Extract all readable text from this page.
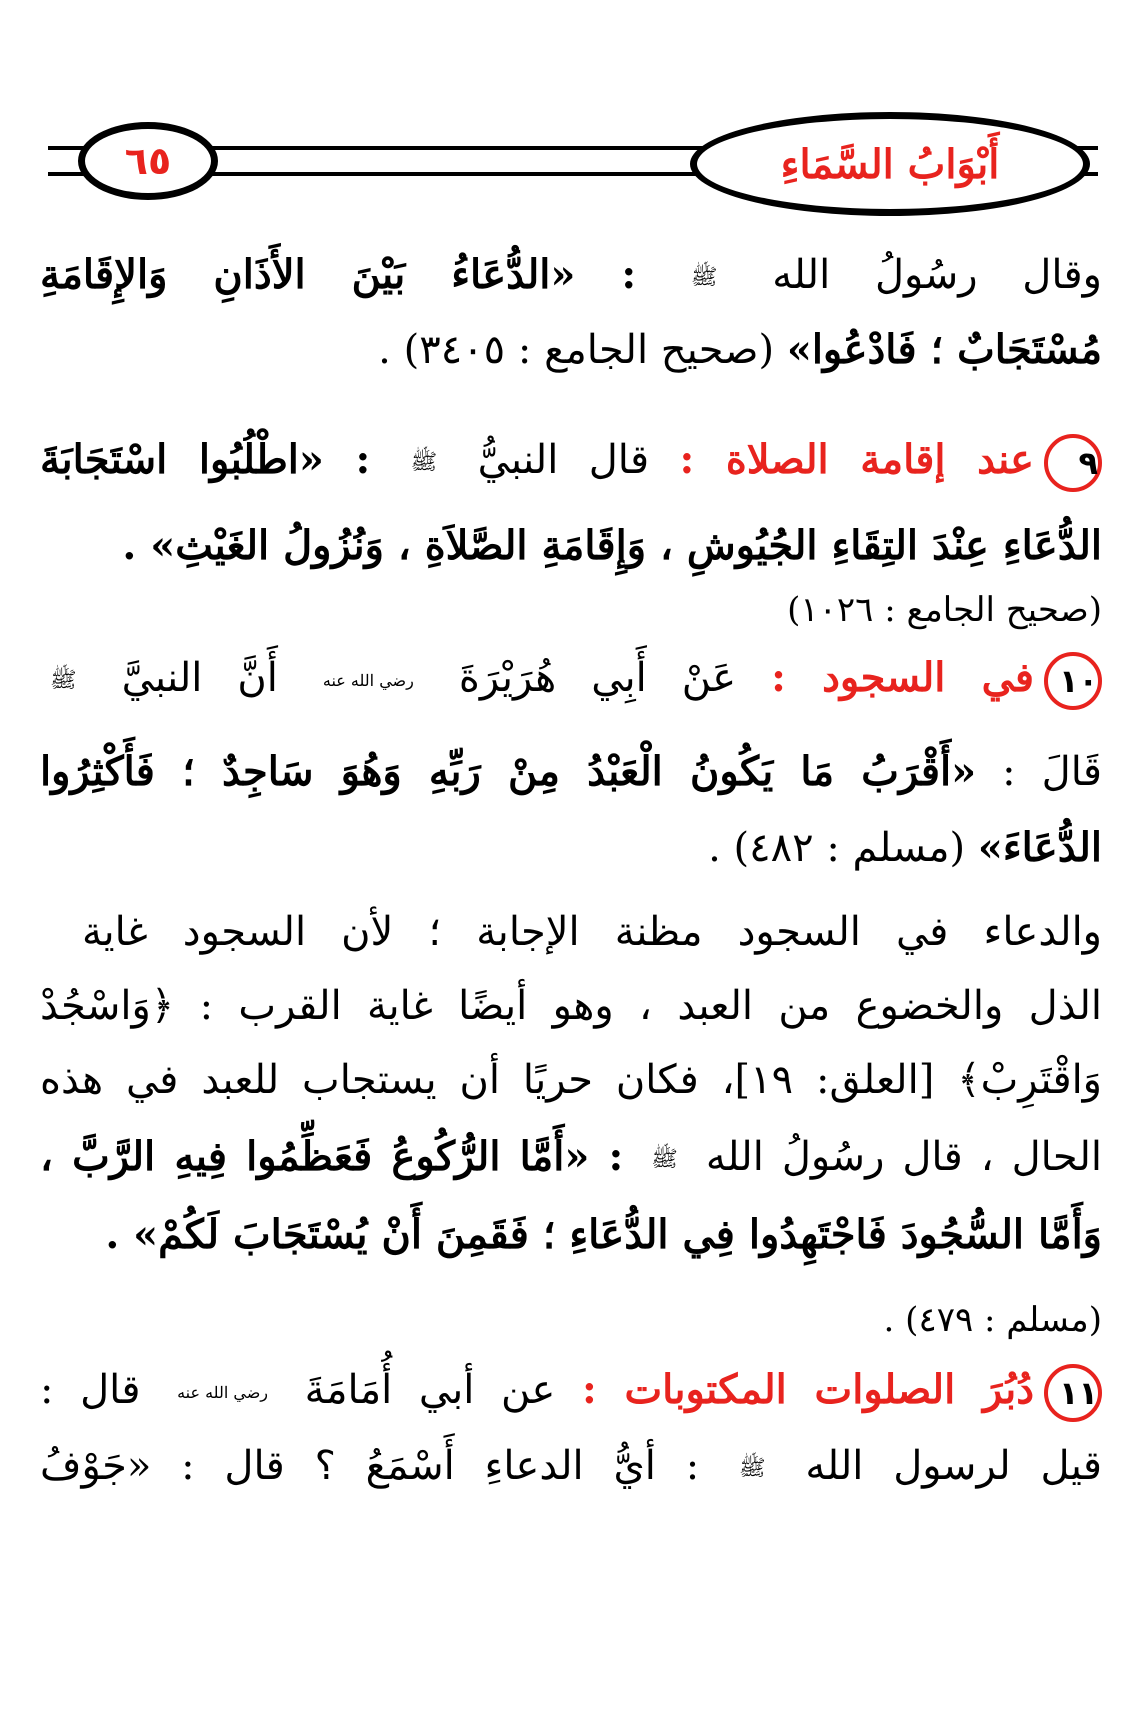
٦٥	أَبْوَابُ السَّمَاءِ
وقال رسُولُ الله ﷺ : «الدُّعَاءُ بَيْنَ الأَذَانِ وَالإِقَامَةِ
مُسْتَجَابٌ ؛ فَادْعُوا» (صحيح الجامع : ٣٤٠٥) .
٩عند إقامة الصلاة : قال النبيُّ ﷺ : «اطْلُبُوا اسْتَجَابَةَ
الدُّعَاءِ عِنْدَ التِقَاءِ الجُيُوشِ ، وَإِقَامَةِ الصَّلاَةِ ، وَنُزُولُ الغَيْثِ» .
(صحيح الجامع : ١٠٢٦)
١٠في السجود : عَنْ أَبِي هُرَيْرَةَ رضي الله عنه أَنَّ النبيَّ ﷺ
قَالَ : «أَقْرَبُ مَا يَكُونُ الْعَبْدُ مِنْ رَبِّهِ وَهُوَ سَاجِدٌ ؛ فَأَكْثِرُوا
الدُّعَاءَ» (مسلم : ٤٨٢) .
والدعاء في السجود مظنة الإجابة ؛ لأن السجود غاية
الذل والخضوع من العبد ، وهو أيضًا غاية القرب : ﴿وَاسْجُدْ
وَاقْتَرِبْ﴾ [العلق: ١٩]، فكان حريًا أن يستجاب للعبد في هذه
الحال ، قال رسُولُ الله ﷺ : «أَمَّا الرُّكُوعُ فَعَظِّمُوا فِيهِ الرَّبَّ ،
وَأَمَّا السُّجُودَ فَاجْتَهِدُوا فِي الدُّعَاءِ ؛ فَقَمِنَ أَنْ يُسْتَجَابَ لَكُمْ» .
(مسلم : ٤٧٩) .
١١دُبُرَ الصلوات المكتوبات : عن أبي أُمَامَةَ رضي الله عنه قال :
قيل لرسول الله ﷺ : أيُّ الدعاءِ أَسْمَعُ ؟ قال : «جَوْفُ
